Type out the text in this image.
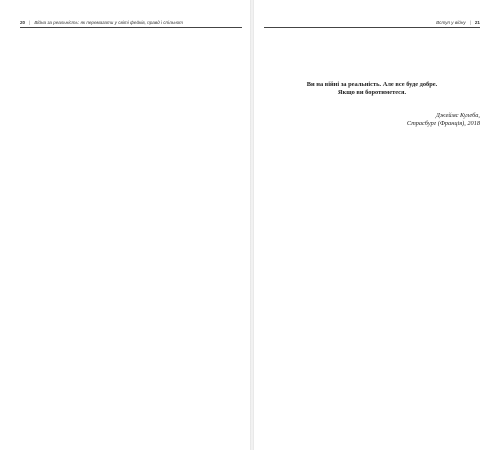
20 | Війна за реальність: як перемагати у світі фейків, правд і спільнот	Вступ у війну | 21

Ви на війні за реальність. Але все буде добре.

Якщо ви боротиметеся.

Джеймс Кулеба,
Страсбург (Франція), 2018
